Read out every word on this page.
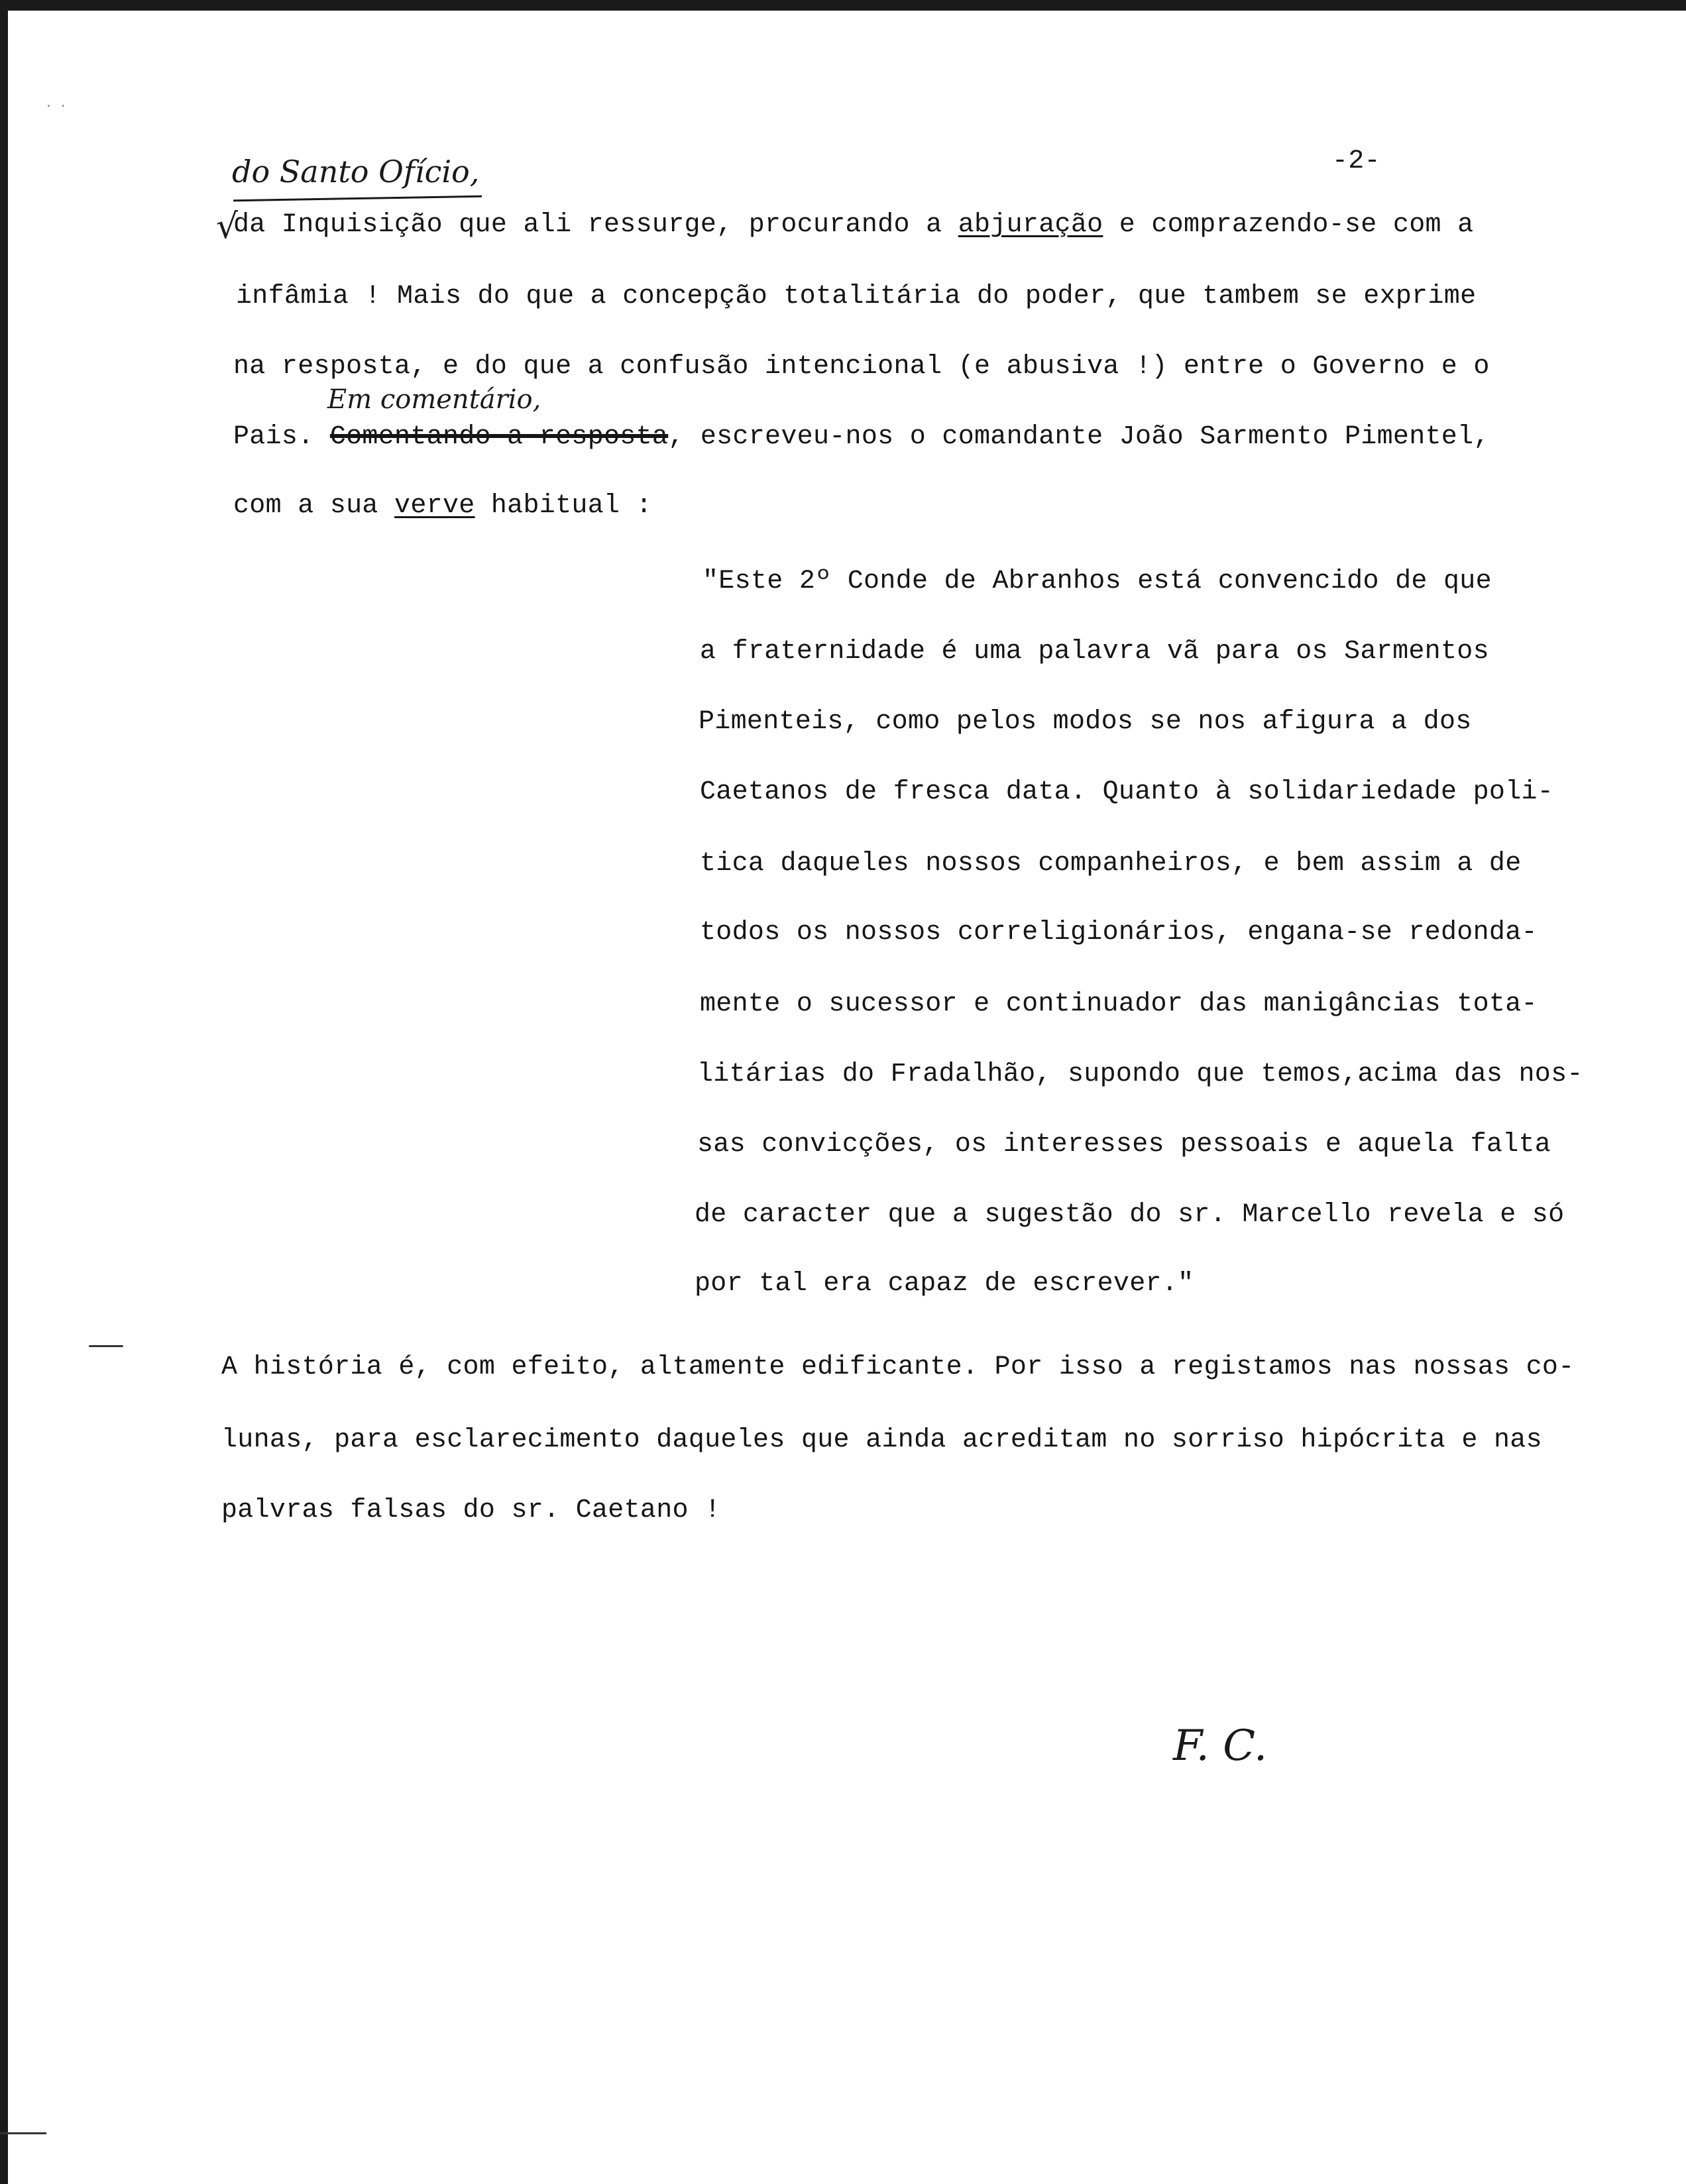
· ·
-2-
do Santo Ofício,
√
da Inquisição que ali ressurge, procurando a abjuração e comprazendo-se com a
infâmia ! Mais do que a concepção totalitária do poder, que tambem se exprime
na resposta, e do que a confusão intencional (e abusiva !) entre o Governo e o
Em comentário,
Pais. Comentando a resposta, escreveu-nos o comandante João Sarmento Pimentel,
com a sua verve habitual :
"Este 2º Conde de Abranhos está convencido de que
a fraternidade é uma palavra vã para os Sarmentos
Pimenteis, como pelos modos se nos afigura a dos
Caetanos de fresca data. Quanto à solidariedade poli-
tica daqueles nossos companheiros, e bem assim a de
todos os nossos correligionários, engana-se redonda-
mente o sucessor e continuador das manigâncias tota-
litárias do Fradalhão, supondo que temos,acima das nos-
sas convicções, os interesses pessoais e aquela falta
de caracter que a sugestão do sr. Marcello revela e só
por tal era capaz de escrever."
A história é, com efeito, altamente edificante. Por isso a registamos nas nossas co-
lunas, para esclarecimento daqueles que ainda acreditam no sorriso hipócrita e nas
palvras falsas do sr. Caetano !
F. C.
